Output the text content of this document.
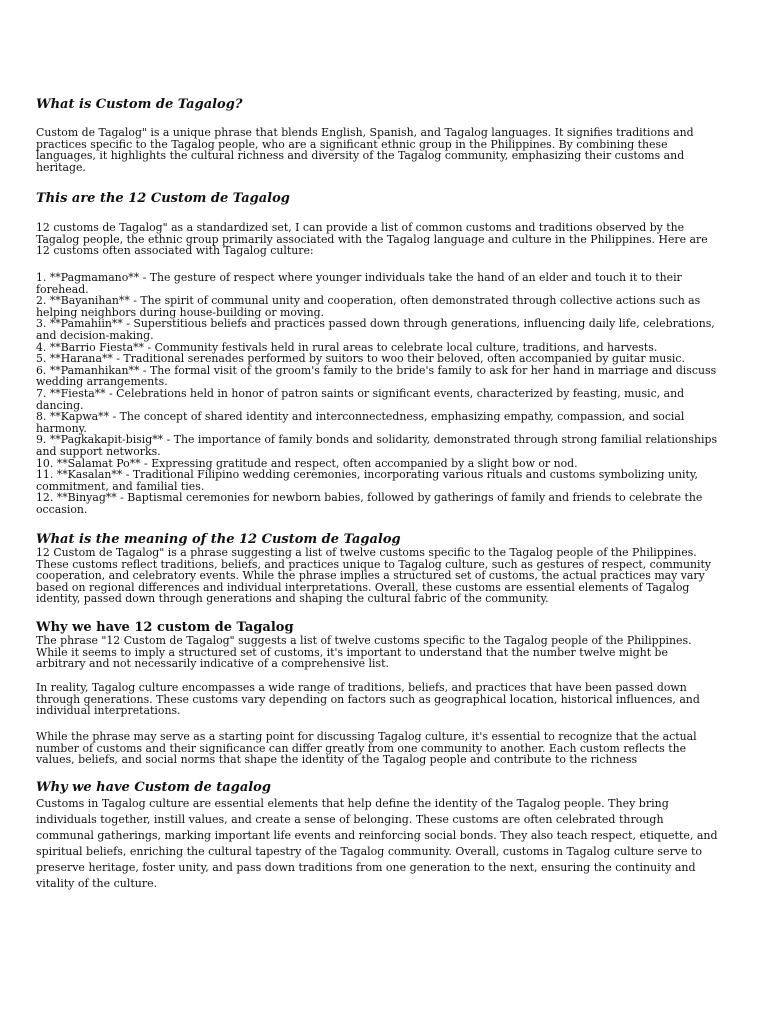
What is Custom de Tagalog?

Custom de Tagalog" is a unique phrase that blends English, Spanish, and Tagalog languages. It signifies traditions and practices specific to the Tagalog people, who are a significant ethnic group in the Philippines. By combining these languages, it highlights the cultural richness and diversity of the Tagalog community, emphasizing their customs and heritage.

This are the 12 Custom de Tagalog

12 customs de Tagalog" as a standardized set, I can provide a list of common customs and traditions observed by the Tagalog people, the ethnic group primarily associated with the Tagalog language and culture in the Philippines. Here are 12 customs often associated with Tagalog culture:

1. **Pagmamano** - The gesture of respect where younger individuals take the hand of an elder and touch it to their forehead.
2. **Bayanihan** - The spirit of communal unity and cooperation, often demonstrated through collective actions such as helping neighbors during house-building or moving.
3. **Pamahiin** - Superstitious beliefs and practices passed down through generations, influencing daily life, celebrations, and decision-making.
4. **Barrio Fiesta** - Community festivals held in rural areas to celebrate local culture, traditions, and harvests.
5. **Harana** - Traditional serenades performed by suitors to woo their beloved, often accompanied by guitar music.
6. **Pamanhikan** - The formal visit of the groom's family to the bride's family to ask for her hand in marriage and discuss wedding arrangements.
7. **Fiesta** - Celebrations held in honor of patron saints or significant events, characterized by feasting, music, and dancing.
8. **Kapwa** - The concept of shared identity and interconnectedness, emphasizing empathy, compassion, and social harmony.
9. **Pagkakapit-bisig** - The importance of family bonds and solidarity, demonstrated through strong familial relationships and support networks.
10. **Salamat Po** - Expressing gratitude and respect, often accompanied by a slight bow or nod.
11. **Kasalan** - Traditional Filipino wedding ceremonies, incorporating various rituals and customs symbolizing unity, commitment, and familial ties.
12. **Binyag** - Baptismal ceremonies for newborn babies, followed by gatherings of family and friends to celebrate the occasion.
What is the meaning of the 12 Custom de Tagalog

12 Custom de Tagalog" is a phrase suggesting a list of twelve customs specific to the Tagalog people of the Philippines. These customs reflect traditions, beliefs, and practices unique to Tagalog culture, such as gestures of respect, community cooperation, and celebratory events. While the phrase implies a structured set of customs, the actual practices may vary based on regional differences and individual interpretations. Overall, these customs are essential elements of Tagalog identity, passed down through generations and shaping the cultural fabric of the community.

Why we have 12 custom de Tagalog

The phrase "12 Custom de Tagalog" suggests a list of twelve customs specific to the Tagalog people of the Philippines. While it seems to imply a structured set of customs, it's important to understand that the number twelve might be arbitrary and not necessarily indicative of a comprehensive list.

In reality, Tagalog culture encompasses a wide range of traditions, beliefs, and practices that have been passed down through generations. These customs vary depending on factors such as geographical location, historical influences, and individual interpretations.

While the phrase may serve as a starting point for discussing Tagalog culture, it's essential to recognize that the actual number of customs and their significance can differ greatly from one community to another. Each custom reflects the values, beliefs, and social norms that shape the identity of the Tagalog people and contribute to the richness

Why we have Custom de tagalog

Customs in Tagalog culture are essential elements that help define the identity of the Tagalog people. They bring individuals together, instill values, and create a sense of belonging. These customs are often celebrated through communal gatherings, marking important life events and reinforcing social bonds. They also teach respect, etiquette, and spiritual beliefs, enriching the cultural tapestry of the Tagalog community. Overall, customs in Tagalog culture serve to preserve heritage, foster unity, and pass down traditions from one generation to the next, ensuring the continuity and vitality of the culture.
